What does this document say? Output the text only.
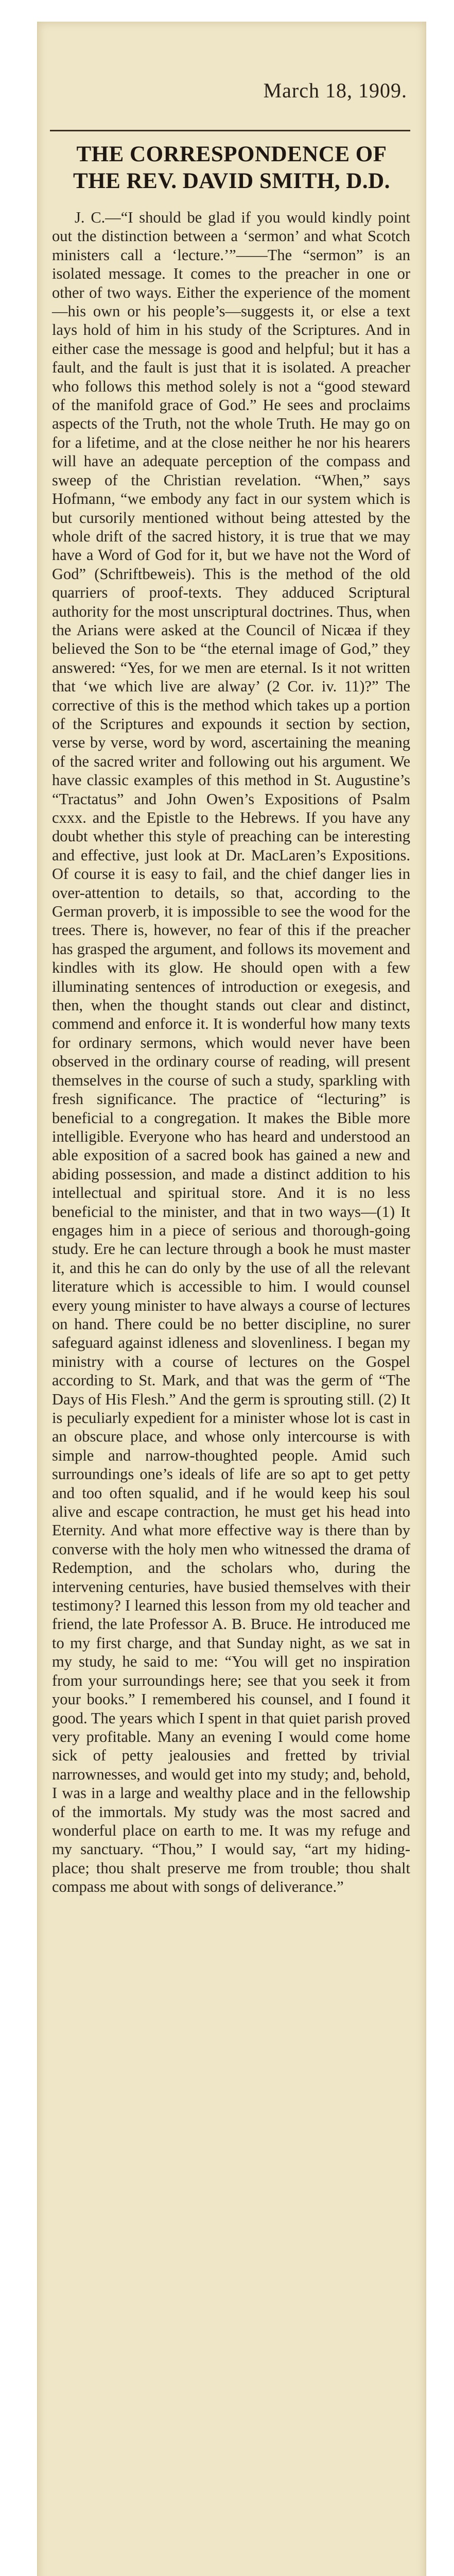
March 18, 1909.
THE CORRESPONDENCE OF THE REV. DAVID SMITH, D.D.

J. C.—“I should be glad if you would kindly point out the distinction between a ‘sermon’ and what Scotch ministers call a ‘lecture.’”——The “sermon” is an isolated message. It comes to the preacher in one or other of two ways. Either the experience of the moment—his own or his people’s—suggests it, or else a text lays hold of him in his study of the Scriptures. And in either case the message is good and helpful; but it has a fault, and the fault is just that it is isolated. A preacher who follows this method solely is not a “good steward of the manifold grace of God.” He sees and proclaims aspects of the Truth, not the whole Truth. He may go on for a lifetime, and at the close neither he nor his hearers will have an adequate perception of the compass and sweep of the Christian revelation. “When,” says Hofmann, “we embody any fact in our system which is but cursorily mentioned without being attested by the whole drift of the sacred history, it is true that we may have a Word of God for it, but we have not the Word of God” (Schriftbeweis). This is the method of the old quarriers of proof-texts. They adduced Scriptural authority for the most unscriptural doctrines. Thus, when the Arians were asked at the Council of Nicæa if they believed the Son to be “the eternal image of God,” they answered: “Yes, for we men are eternal. Is it not written that ‘we which live are alway’ (2 Cor. iv. 11)?” The corrective of this is the method which takes up a portion of the Scriptures and expounds it section by section, verse by verse, word by word, ascertaining the meaning of the sacred writer and following out his argument. We have classic examples of this method in St. Augustine’s “Tractatus” and John Owen’s Expositions of Psalm cxxx. and the Epistle to the Hebrews. If you have any doubt whether this style of preaching can be interesting and effective, just look at Dr. MacLaren’s Expositions. Of course it is easy to fail, and the chief danger lies in over-attention to details, so that, according to the German proverb, it is impossible to see the wood for the trees. There is, however, no fear of this if the preacher has grasped the argument, and follows its movement and kindles with its glow. He should open with a few illuminating sentences of introduction or exegesis, and then, when the thought stands out clear and distinct, commend and enforce it. It is wonderful how many texts for ordinary sermons, which would never have been observed in the ordinary course of reading, will present themselves in the course of such a study, sparkling with fresh significance. The practice of “lecturing” is beneficial to a congregation. It makes the Bible more intelligible. Everyone who has heard and understood an able exposition of a sacred book has gained a new and abiding possession, and made a distinct addition to his intellectual and spiritual store. And it is no less beneficial to the minister, and that in two ways—(1) It engages him in a piece of serious and thorough-going study. Ere he can lecture through a book he must master it, and this he can do only by the use of all the relevant literature which is accessible to him. I would counsel every young minister to have always a course of lectures on hand. There could be no better discipline, no surer safeguard against idleness and slovenliness. I began my ministry with a course of lectures on the Gospel according to St. Mark, and that was the germ of “The Days of His Flesh.” And the germ is sprouting still. (2) It is peculiarly expedient for a minister whose lot is cast in an obscure place, and whose only intercourse is with simple and narrow-thoughted people. Amid such surroundings one’s ideals of life are so apt to get petty and too often squalid, and if he would keep his soul alive and escape contraction, he must get his head into Eternity. And what more effective way is there than by converse with the holy men who witnessed the drama of Redemption, and the scholars who, during the intervening centuries, have busied themselves with their testimony? I learned this lesson from my old teacher and friend, the late Professor A. B. Bruce. He introduced me to my first charge, and that Sunday night, as we sat in my study, he said to me: “You will get no inspiration from your surroundings here; see that you seek it from your books.” I remembered his counsel, and I found it good. The years which I spent in that quiet parish proved very profitable. Many an evening I would come home sick of petty jealousies and fretted by trivial narrownesses, and would get into my study; and, behold, I was in a large and wealthy place and in the fellowship of the immortals. My study was the most sacred and wonderful place on earth to me. It was my refuge and my sanctuary. “Thou,” I would say, “art my hiding-place; thou shalt preserve me from trouble; thou shalt compass me about with songs of deliverance.”
